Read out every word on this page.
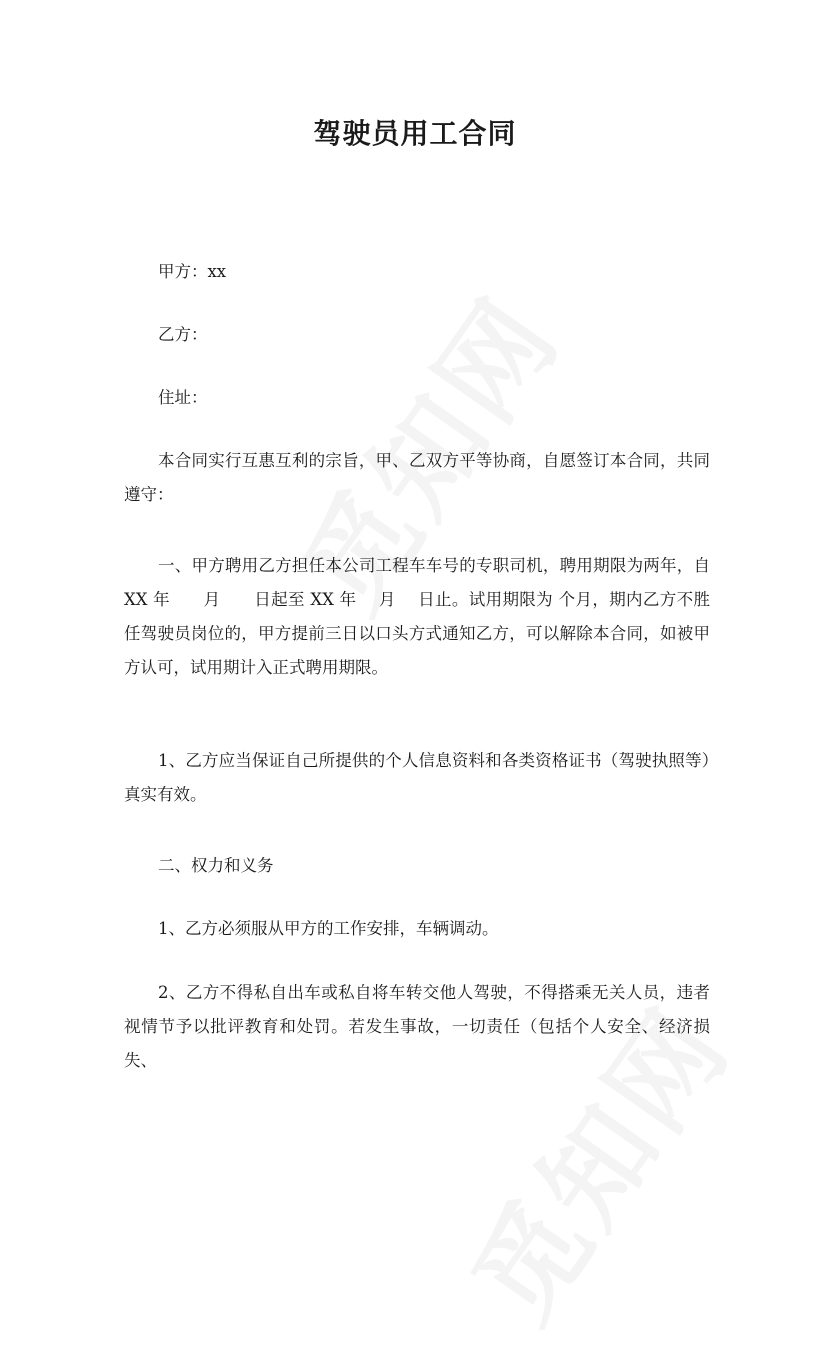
驾驶员用工合同

甲方：xx

乙方：

住址：

本合同实行互惠互利的宗旨，甲、乙双方平等协商，自愿签订本合同，共同遵守：

一、甲方聘用乙方担任本公司工程车车号的专职司机，聘用期限为两年，自XX 年　　月　　日起至 XX 年　 月　 日止。试用期限为 个月，期内乙方不胜任驾驶员岗位的，甲方提前三日以口头方式通知乙方，可以解除本合同，如被甲方认可，试用期计入正式聘用期限。

1、乙方应当保证自己所提供的个人信息资料和各类资格证书（驾驶执照等）真实有效。

二、权力和义务

1、乙方必须服从甲方的工作安排，车辆调动。

2、乙方不得私自出车或私自将车转交他人驾驶，不得搭乘无关人员，违者视情节予以批评教育和处罚。若发生事故，一切责任（包括个人安全、经济损失、
